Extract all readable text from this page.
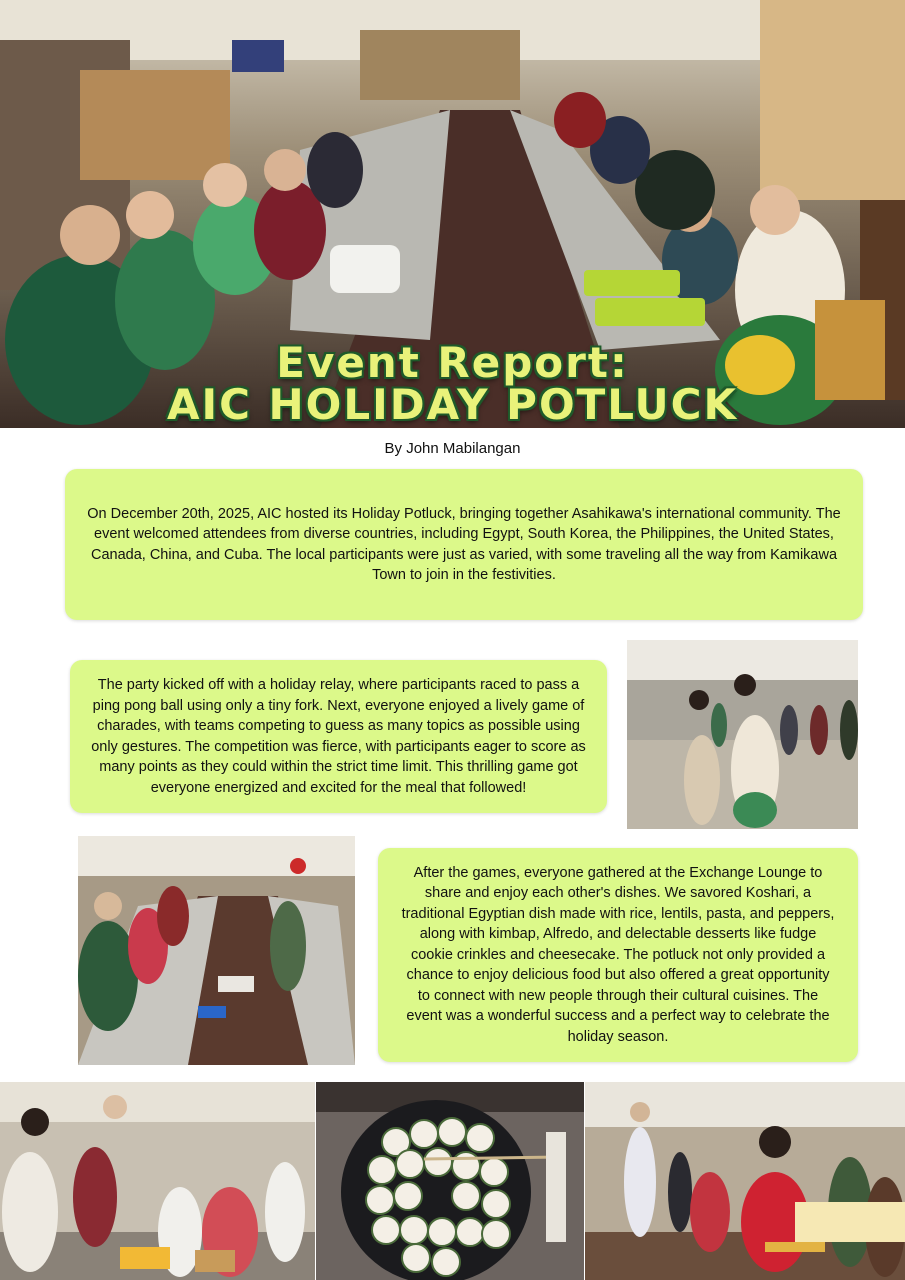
Event Report:
AIC HOLIDAY POTLUCK
By John Mabilangan

On December 20th, 2025, AIC hosted its Holiday Potluck, bringing together Asahikawa's international community. The event welcomed attendees from diverse countries, including Egypt, South Korea, the Philippines, the United States, Canada, China, and Cuba. The local participants were just as varied, with some traveling all the way from Kamikawa Town to join in the festivities.

The party kicked off with a holiday relay, where participants raced to pass a ping pong ball using only a tiny fork. Next, everyone enjoyed a lively game of charades, with teams competing to guess as many topics as possible using only gestures. The competition was fierce, with participants eager to score as many points as they could within the strict time limit. This thrilling game got everyone energized and excited for the meal that followed!

After the games, everyone gathered at the Exchange Lounge to share and enjoy each other's dishes. We savored Koshari, a traditional Egyptian dish made with rice, lentils, pasta, and peppers, along with kimbap, Alfredo, and delectable desserts like fudge cookie crinkles and cheesecake. The potluck not only provided a chance to enjoy delicious food but also offered a great opportunity to connect with new people through their cultural cuisines. The event was a wonderful success and a perfect way to celebrate the holiday season.
